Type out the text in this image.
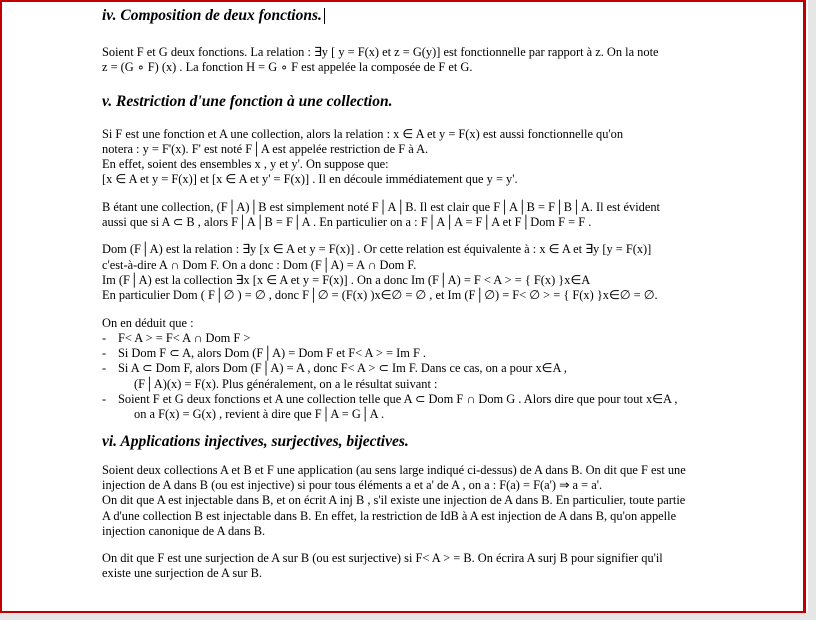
iv. Composition de deux fonctions.

Soient F et G deux fonctions. La relation : ∃y [ y = F(x) et z = G(y)] est fonctionnelle par rapport à z. On la note

z = (G ∘ F) (x) . La fonction H = G ∘ F est appelée la composée de F et G.

v. Restriction d'une fonction à une collection.

Si F est une fonction et A une collection, alors la relation : x ∈ A et y = F(x) est aussi fonctionnelle qu'on

notera : y = F'(x). F' est noté F│A est appelée restriction de F à A.

En effet, soient des ensembles x , y et y'. On suppose que:

[x ∈ A et y = F(x)] et [x ∈ A et y' = F(x)] . Il en découle immédiatement que y = y'.

B étant une collection, (F│A)│B est simplement noté F│A│B. Il est clair que F│A│B = F│B│A. Il est évident

aussi que si A ⊂ B , alors F│A│B = F│A . En particulier on a : F│A│A = F│A et F│Dom F = F .

Dom (F│A) est la relation : ∃y [x ∈ A et y = F(x)] . Or cette relation est équivalente à : x ∈ A et ∃y [y = F(x)]

c'est-à-dire A ∩ Dom F. On a donc : Dom (F│A) = A ∩ Dom F.

Im (F│A) est la collection ∃x [x ∈ A et y = F(x)] . On a donc Im (F│A) = F < A > = { F(x) }x∈A

En particulier Dom ( F│∅ ) = ∅ , donc F│∅ = (F(x) )x∈∅ = ∅ , et Im (F│∅) = F< ∅ > = { F(x) }x∈∅ = ∅.

On en déduit que :

- F< A > = F< A ∩ Dom F >
- Si Dom F ⊂ A, alors Dom (F│A) = Dom F et F< A > = Im F .
- Si A ⊂ Dom F, alors Dom (F│A) = A , donc F< A > ⊂ Im F. Dans ce cas, on a pour x∈A ,
(F│A)(x) = F(x). Plus généralement, on a le résultat suivant :
- Soient F et G deux fonctions et A une collection telle que A ⊂ Dom F ∩ Dom G . Alors dire que pour tout x∈A ,
on a F(x) = G(x) , revient à dire que F│A = G│A .
vi. Applications injectives, surjectives, bijectives.

Soient deux collections A et B et F une application (au sens large indiqué ci-dessus) de A dans B. On dit que F est une

injection de A dans B (ou est injective) si pour tous éléments a et a' de A , on a : F(a) = F(a') ⇒ a = a'.

On dit que A est injectable dans B, et on écrit A inj B , s'il existe une injection de A dans B. En particulier, toute partie

A d'une collection B est injectable dans B. En effet, la restriction de IdB à A est injection de A dans B, qu'on appelle

injection canonique de A dans B.

On dit que F est une surjection de A sur B (ou est surjective) si F< A > = B. On écrira A surj B pour signifier qu'il

existe une surjection de A sur B.
